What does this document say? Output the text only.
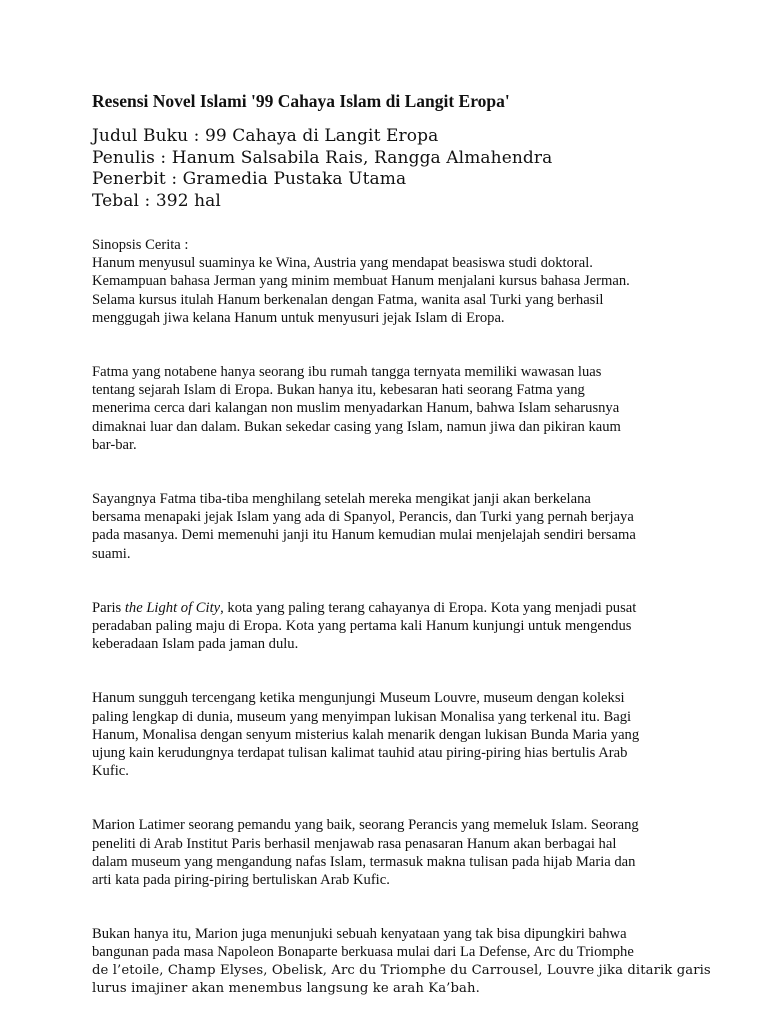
Resensi Novel Islami '99 Cahaya Islam di Langit Eropa'
Judul Buku : 99 Cahaya di Langit Eropa
Penulis : Hanum Salsabila Rais, Rangga Almahendra
Penerbit : Gramedia Pustaka Utama
Tebal : 392 hal
Sinopsis Cerita :

Hanum menyusul suaminya ke Wina, Austria yang mendapat beasiswa studi doktoral.
Kemampuan bahasa Jerman yang minim membuat Hanum menjalani kursus bahasa Jerman.
Selama kursus itulah Hanum berkenalan dengan Fatma, wanita asal Turki yang berhasil
menggugah jiwa kelana Hanum untuk menyusuri jejak Islam di Eropa.

Fatma yang notabene hanya seorang ibu rumah tangga ternyata memiliki wawasan luas
tentang sejarah Islam di Eropa. Bukan hanya itu, kebesaran hati seorang Fatma yang
menerima cerca dari kalangan non muslim menyadarkan Hanum, bahwa Islam seharusnya
dimaknai luar dan dalam. Bukan sekedar casing yang Islam, namun jiwa dan pikiran kaum
bar-bar.

Sayangnya Fatma tiba-tiba menghilang setelah mereka mengikat janji akan berkelana
bersama menapaki jejak Islam yang ada di Spanyol, Perancis, dan Turki yang pernah berjaya
pada masanya. Demi memenuhi janji itu Hanum kemudian mulai menjelajah sendiri bersama
suami.

Paris the Light of City, kota yang paling terang cahayanya di Eropa. Kota yang menjadi pusat
peradaban paling maju di Eropa. Kota yang pertama kali Hanum kunjungi untuk mengendus
keberadaan Islam pada jaman dulu.

Hanum sungguh tercengang ketika mengunjungi Museum Louvre, museum dengan koleksi
paling lengkap di dunia, museum yang menyimpan lukisan Monalisa yang terkenal itu. Bagi
Hanum, Monalisa dengan senyum misterius kalah menarik dengan lukisan Bunda Maria yang
ujung kain kerudungnya terdapat tulisan kalimat tauhid atau piring-piring hias bertulis Arab
Kufic.

Marion Latimer seorang pemandu yang baik, seorang Perancis yang memeluk Islam. Seorang
peneliti di Arab Institut Paris berhasil menjawab rasa penasaran Hanum akan berbagai hal
dalam museum yang mengandung nafas Islam, termasuk makna tulisan pada hijab Maria dan
arti kata pada piring-piring bertuliskan Arab Kufic.

Bukan hanya itu, Marion juga menunjuki sebuah kenyataan yang tak bisa dipungkiri bahwa
bangunan pada masa Napoleon Bonaparte berkuasa mulai dari La Defense, Arc du Triomphe
de l’etoile, Champ Elyses, Obelisk, Arc du Triomphe du Carrousel, Louvre jika ditarik garis
lurus imajiner akan menembus langsung ke arah Ka’bah.
